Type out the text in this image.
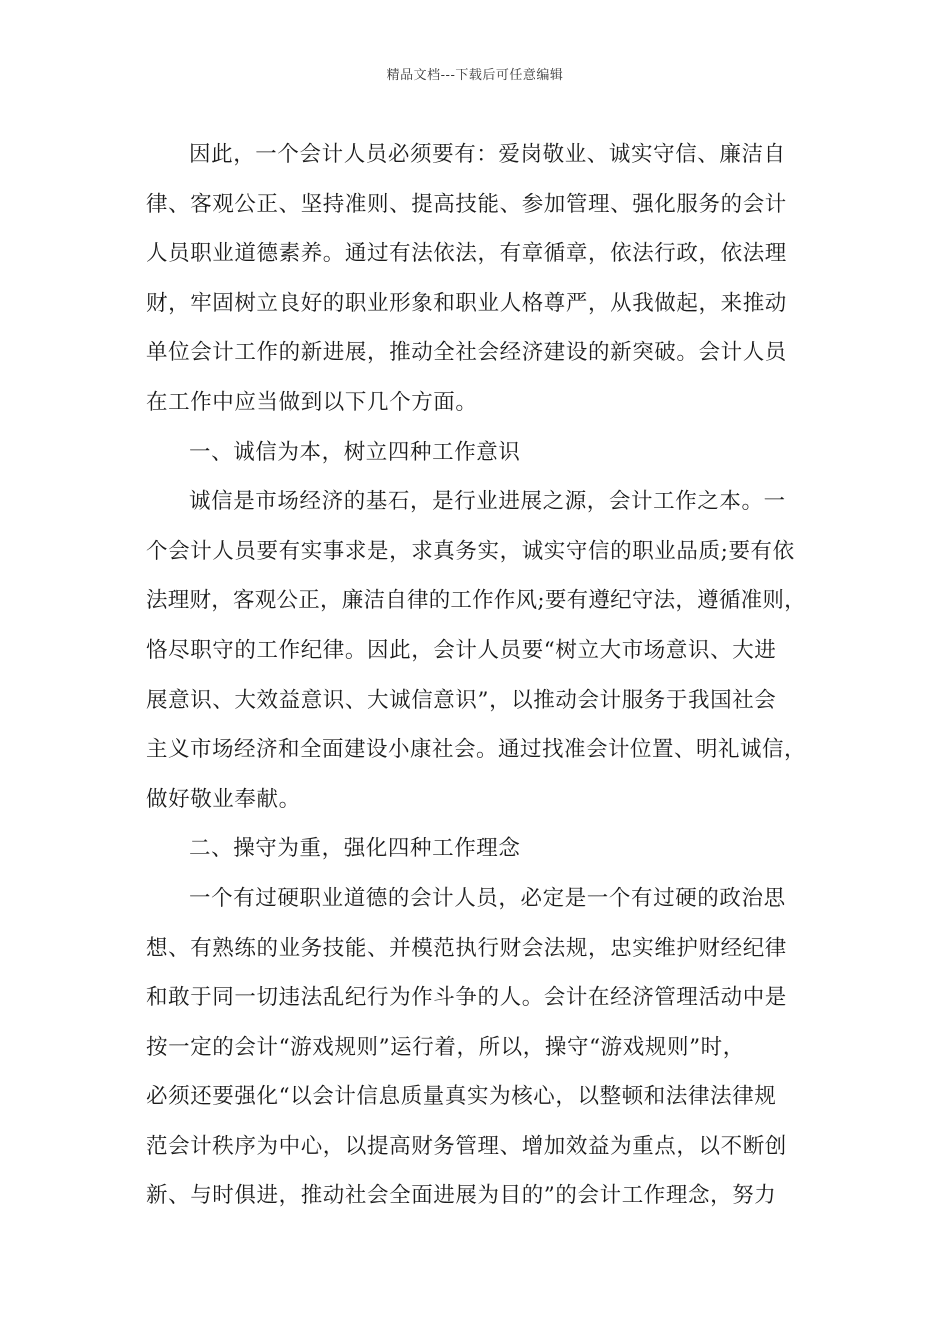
精品文档---下载后可任意编辑
因此，一个会计人员必须要有：爱岗敬业、诚实守信、廉洁自
律、客观公正、坚持准则、提高技能、参加管理、强化服务的会计
人员职业道德素养。通过有法依法，有章循章，依法行政，依法理
财，牢固树立良好的职业形象和职业人格尊严，从我做起，来推动
单位会计工作的新进展，推动全社会经济建设的新突破。会计人员
在工作中应当做到以下几个方面。
一、诚信为本，树立四种工作意识
诚信是市场经济的基石，是行业进展之源，会计工作之本。一
个会计人员要有实事求是，求真务实，诚实守信的职业品质;要有依
法理财，客观公正，廉洁自律的工作作风;要有遵纪守法，遵循准则，
恪尽职守的工作纪律。因此，会计人员要“树立大市场意识、大进
展意识、大效益意识、大诚信意识”，以推动会计服务于我国社会
主义市场经济和全面建设小康社会。通过找准会计位置、明礼诚信，
做好敬业奉献。
二、操守为重，强化四种工作理念
一个有过硬职业道德的会计人员，必定是一个有过硬的政治思
想、有熟练的业务技能、并模范执行财会法规，忠实维护财经纪律
和敢于同一切违法乱纪行为作斗争的人。会计在经济管理活动中是
按一定的会计“游戏规则”运行着，所以，操守“游戏规则”时，
必须还要强化“以会计信息质量真实为核心，以整顿和法律法律规
范会计秩序为中心，以提高财务管理、增加效益为重点，以不断创
新、与时俱进，推动社会全面进展为目的”的会计工作理念，努力
